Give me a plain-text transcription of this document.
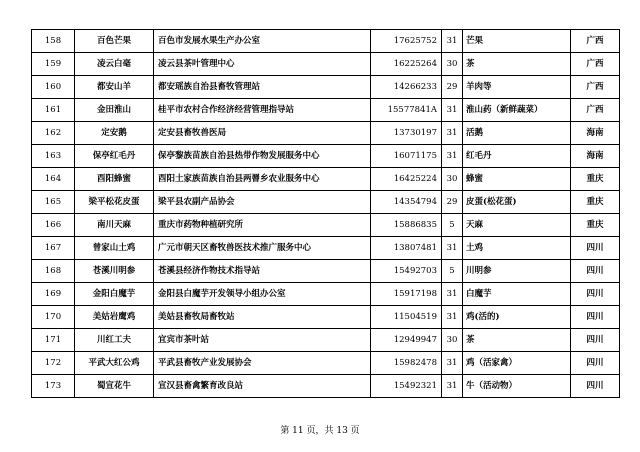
158	百色芒果	百色市发展水果生产办公室	17625752	31	芒果	广西
159	凌云白毫	凌云县茶叶管理中心	16225264	30	茶	广西
160	都安山羊	都安瑶族自治县畜牧管理站	14266233	29	羊肉等	广西
161	金田淮山	桂平市农村合作经济经营管理指导站	15577841A	31	淮山药（新鲜蔬菜）	广西
162	定安鹅	定安县畜牧兽医局	13730197	31	活鹅	海南
163	保亭红毛丹	保亭黎族苗族自治县热带作物发展服务中心	16071175	31	红毛丹	海南
164	酉阳蜂蜜	酉阳土家族苗族自治县两罾乡农业服务中心	16425224	30	蜂蜜	重庆
165	梁平松花皮蛋	梁平县农副产品协会	14354794	29	皮蛋(松花蛋)	重庆
166	南川天麻	重庆市药物种植研究所	15886835	5	天麻	重庆
167	曾家山土鸡	广元市朝天区畜牧兽医技术推广服务中心	13807481	31	土鸡	四川
168	苍溪川明参	苍溪县经济作物技术指导站	15492703	5	川明参	四川
169	金阳白魔芋	金阳县白魔芋开发领导小组办公室	15917198	31	白魔芋	四川
170	美姑岩鹰鸡	美姑县畜牧局畜牧站	11504519	31	鸡(活的)	四川
171	川红工夫	宜宾市茶叶站	12949947	30	茶	四川
172	平武大红公鸡	平武县畜牧产业发展协会	15982478	31	鸡（活家禽）	四川
173	蜀宣花牛	宣汉县畜禽繁育改良站	15492321	31	牛（活动物）	四川
第 11 页，共 13 页
